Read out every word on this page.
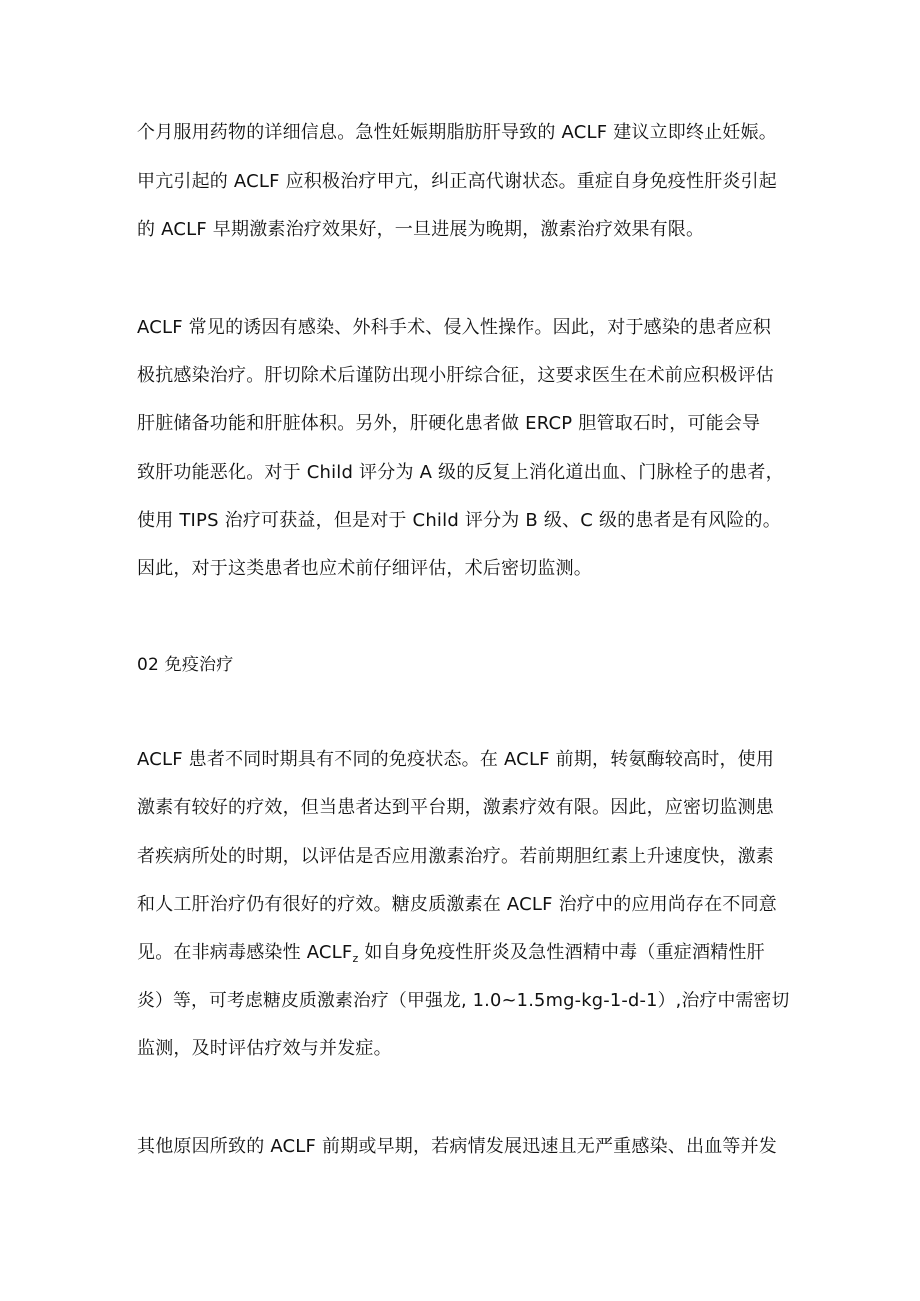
个月服用药物的详细信息。急性妊娠期脂肪肝导致的 ACLF 建议立即终止妊娠。
甲亢引起的 ACLF 应积极治疗甲亢，纠正高代谢状态。重症自身免疫性肝炎引起
的 ACLF 早期激素治疗效果好，一旦进展为晚期，激素治疗效果有限。
ACLF 常见的诱因有感染、外科手术、侵入性操作。因此，对于感染的患者应积
极抗感染治疗。肝切除术后谨防出现小肝综合征，这要求医生在术前应积极评估
肝脏储备功能和肝脏体积。另外，肝硬化患者做 ERCP 胆管取石时，可能会导
致肝功能恶化。对于 Child 评分为 A 级的反复上消化道出血、门脉栓子的患者，
使用 TIPS 治疗可获益，但是对于 Child 评分为 B 级、C 级的患者是有风险的。
因此，对于这类患者也应术前仔细评估，术后密切监测。
02 免疫治疗
ACLF 患者不同时期具有不同的免疫状态。在 ACLF 前期，转氨酶较高时，使用
激素有较好的疗效，但当患者达到平台期，激素疗效有限。因此，应密切监测患
者疾病所处的时期，以评估是否应用激素治疗。若前期胆红素上升速度快，激素
和人工肝治疗仍有很好的疗效。糖皮质激素在 ACLF 治疗中的应用尚存在不同意
见。在非病毒感染性 $ACLF_z$ 如自身免疫性肝炎及急性酒精中毒（重症酒精性肝
炎）等，可考虑糖皮质激素治疗（甲强龙, 1.0~1.5mg-kg-1-d-1）,治疗中需密切
监测，及时评估疗效与并发症。
其他原因所致的 ACLF 前期或早期，若病情发展迅速且无严重感染、出血等并发
